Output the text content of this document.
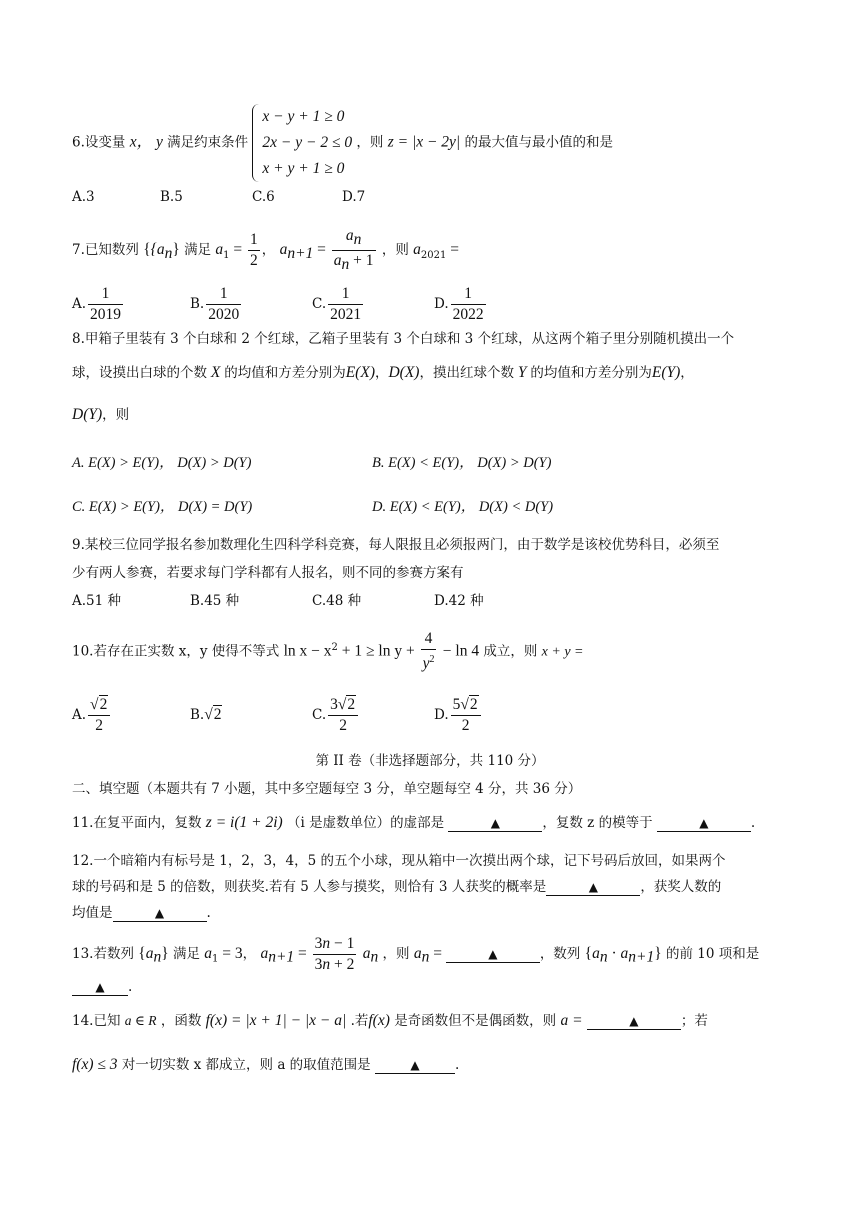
6.设变量 x， y 满足约束条件
x − y + 1 ≥ 0
2x − y − 2 ≤ 0
x + y + 1 ≥ 0
，则 z = |x − 2y| 的最大值与最小值的和是
A.3	B.5	C.6	D.7
7.已知数列 {$\{a_n\}$ 满足 $a_1 = \frac{1}{2}$ ， $a_{n+1} = \frac{a_n}{a_n + 1}$ ，则 $a_{2021}$ =
A. $\frac{1}{2019}$	B. $\frac{1}{2020}$	C. $\frac{1}{2021}$	D. $\frac{1}{2022}$
8.甲箱子里装有 3 个白球和 2 个红球，乙箱子里装有 3 个白球和 3 个红球，从这两个箱子里分别随机摸出一个
球，设摸出白球的个数 X 的均值和方差分别为E(X)，D(X)，摸出红球个数 Y 的均值和方差分别为E(Y)，
D(Y)，则
A. E(X) > E(Y)， D(X) > D(Y)	B. E(X) < E(Y)， D(X) > D(Y)
C. E(X) > E(Y)， D(X) = D(Y)	D. E(X) < E(Y)， D(X) < D(Y)
9.某校三位同学报名参加数理化生四科学科竞赛，每人限报且必须报两门，由于数学是该校优势科目，必须至
少有两人参赛，若要求每门学科都有人报名，则不同的参赛方案有
A.51 种	B.45 种	C.48 种	D.42 种
10.若存在正实数 x，y 使得不等式 $\ln x - x^2 + 1 \ge \ln y + \frac{4}{y^2} - \ln 4$ 成立，则 x + y =
A. $\frac{√2}{2}$	B.√2	C. $\frac{3√2}{2}$	D. $\frac{5√2}{2}$
第 II 卷（非选择题部分，共 110 分）
二、填空题（本题共有 7 小题，其中多空题每空 3 分，单空题每空 4 分，共 36 分）
11.在复平面内，复数 z = i(1 + 2i) （i 是虚数单位）的虚部是	▲	，复数 z 的模等于	▲	.
12.一个暗箱内有标号是 1，2，3，4，5 的五个小球，现从箱中一次摸出两个球，记下号码后放回，如果两个
球的号码和是 5 的倍数，则获奖.若有 5 人参与摸奖，则恰有 3 人获奖的概率是	▲	，获奖人数的
均值是	▲	.
13.若数列 $\{a_n\}$ 满足 $a_1 = 3$， $a_{n+1} = \frac{3n - 1}{3n + 2} a_n$ ，则 $a_n$ =	▲	，数列 $\{a_n \cdot a_{n+1}\}$ 的前 10 项和是
▲ .
14.已知 a ∈ R ，函数 f(x) = |x + 1| − |x − a| .若f(x) 是奇函数但不是偶函数，则 a =	▲	；若
f(x) ≤ 3 对一切实数 x 都成立，则 a 的取值范围是	▲	.
